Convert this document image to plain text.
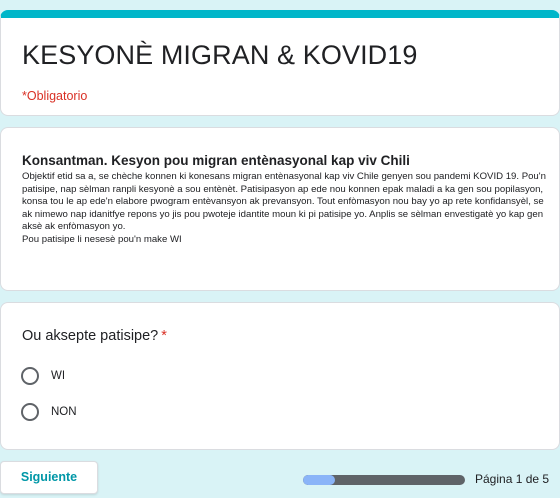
KESYONÈ MIGRAN & KOVID19
*Obligatorio
Konsantman. Kesyon pou migran entènasyonal kap viv Chili

Objektif etid sa a, se chèche konnen ki konesans migran entènasyonal kap viv Chile genyen sou pandemi KOVID 19. Pou'n patisipe, nap sèlman ranpli kesyonè a sou entènèt. Patisipasyon ap ede nou konnen epak maladi a ka gen sou popilasyon, konsa tou le ap ede'n elabore pwogram entèvansyon ak prevansyon. Tout enfòmasyon nou bay yo ap rete konfidansyèl, se ak nimewo nap idanitfye repons yo jis pou pwoteje idantite moun ki pi patisipe yo. Anplis se sèlman envestigatè yo kap gen aksè ak enfòmasyon yo.

Pou patisipe li nesesè pou'n make WI

Ou aksepte patisipe? *
WI
NON
Siguiente	Página 1 de 5
